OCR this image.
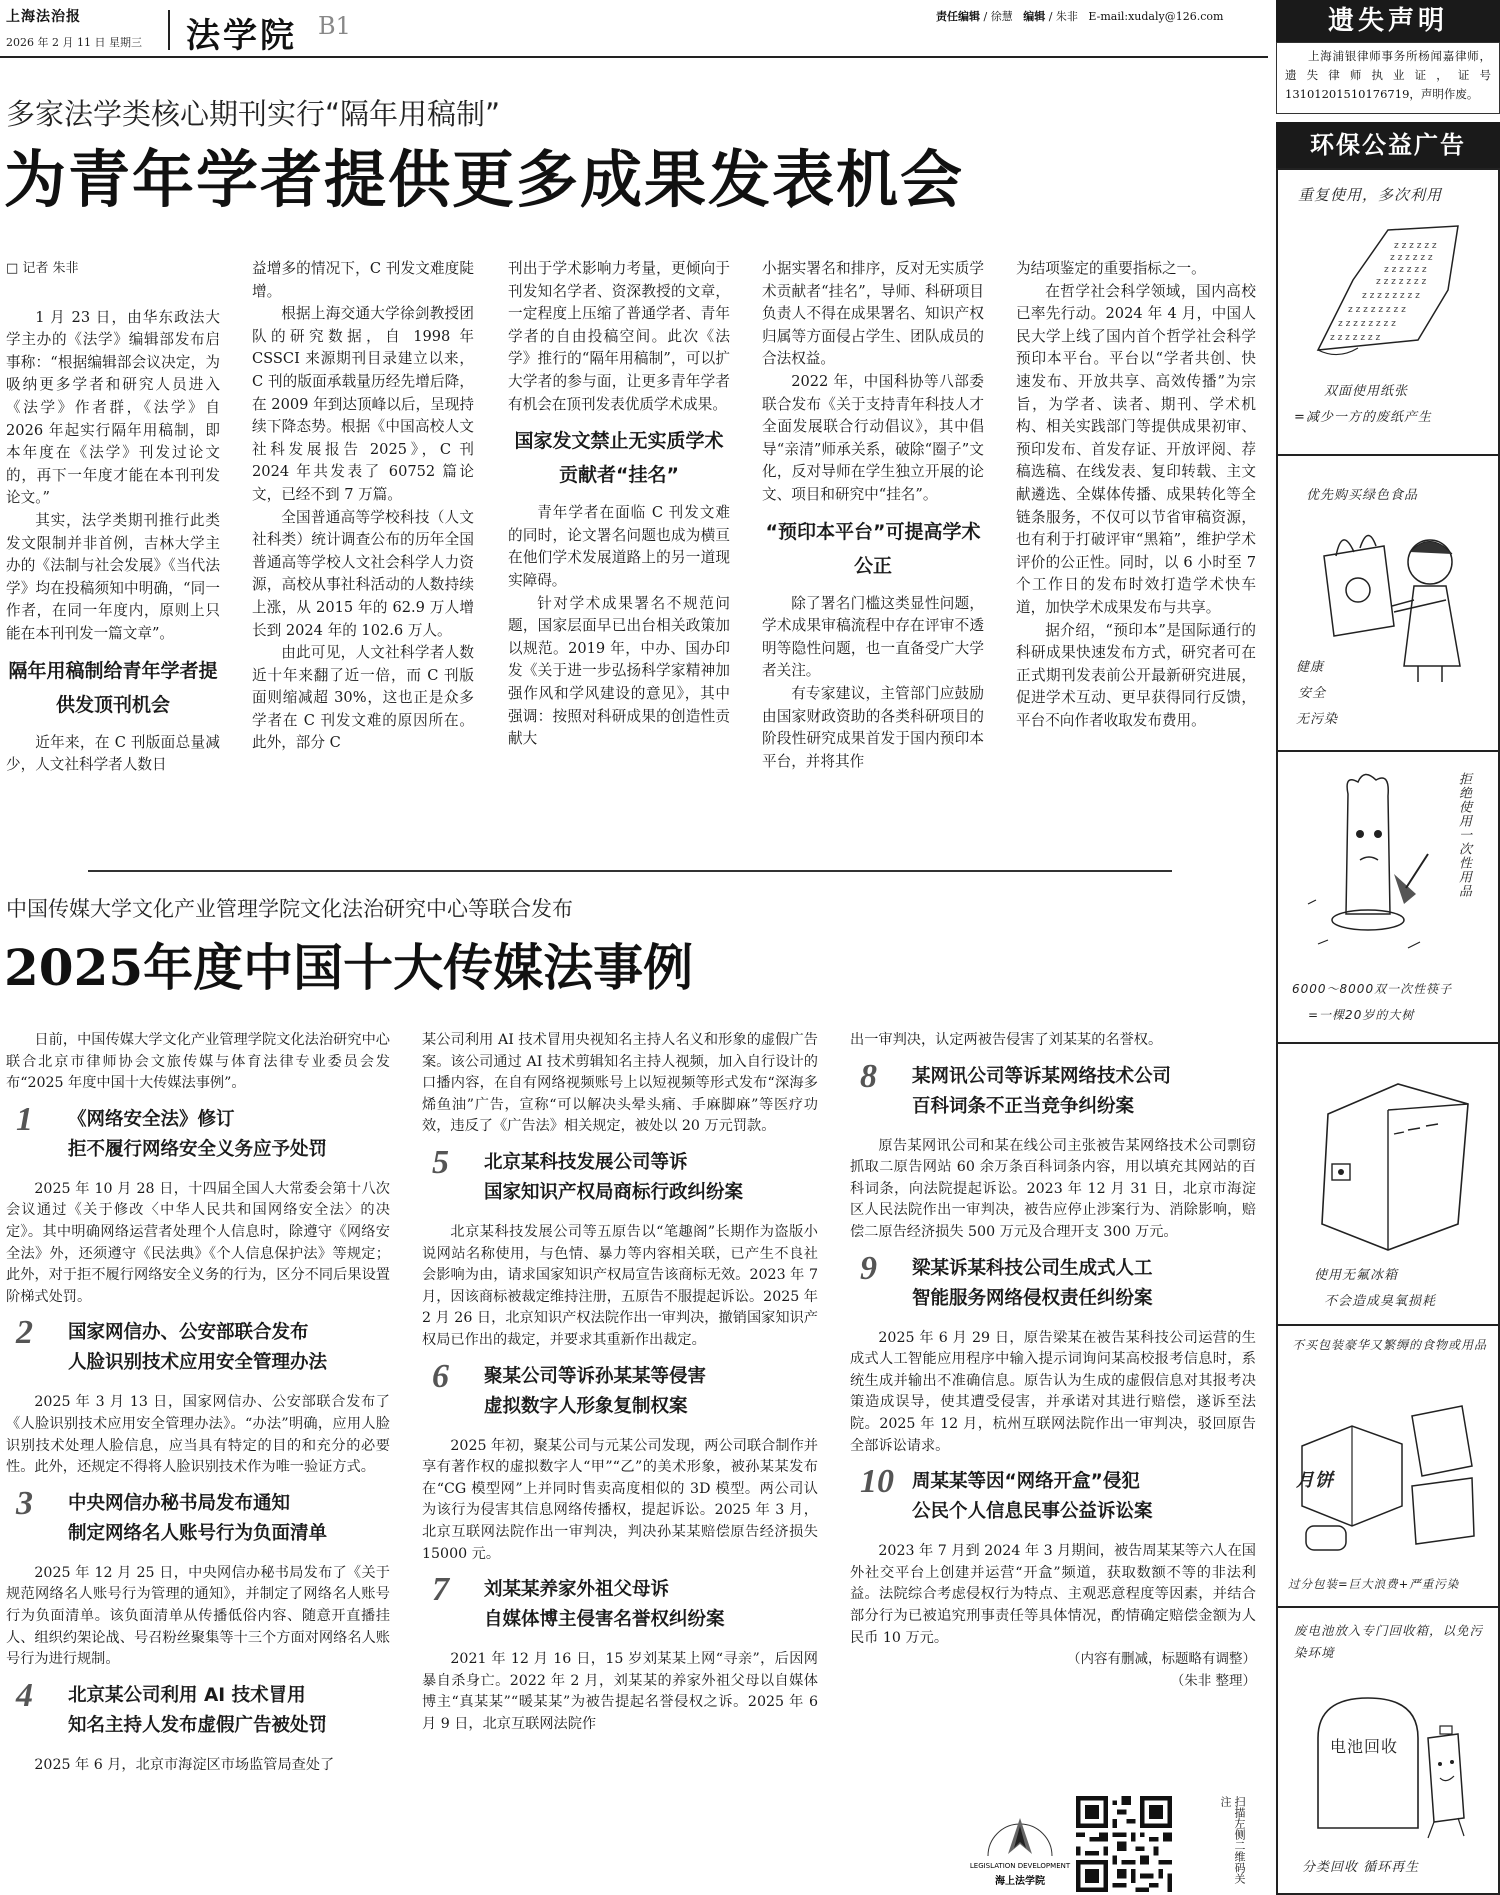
上海法治报
2026 年 2 月 11 日 星期三 法学院 B1	责任编辑 / 徐慧 编辑 / 朱非 E-mail:xudaly@126.com
多家法学类核心期刊实行“隔年用稿制”
为青年学者提供更多成果发表机会
□ 记者 朱非

1 月 23 日，由华东政法大学主办的《法学》编辑部发布启事称：“根据编辑部会议决定，为吸纳更多学者和研究人员进入《法学》作者群，《法学》自 2026 年起实行隔年用稿制，即本年度在《法学》刊发过论文的，再下一年度才能在本刊刊发论文。”

其实，法学类期刊推行此类发文限制并非首例，吉林大学主办的《法制与社会发展》《当代法学》均在投稿须知中明确，“同一作者，在同一年度内，原则上只能在本刊刊发一篇文章”。

隔年用稿制给青年学者提供发顶刊机会

近年来，在 C 刊版面总量减少，人文社科学者人数日

益增多的情况下，C 刊发文难度陡增。

根据上海交通大学徐剑教授团队的研究数据，自 1998 年 CSSCI 来源期刊目录建立以来，C 刊的版面承载量历经先增后降，在 2009 年到达顶峰以后，呈现持续下降态势。根据《中国高校人文社科发展报告 2025》，C 刊 2024 年共发表了 60752 篇论文，已经不到 7 万篇。

全国普通高等学校科技（人文社科类）统计调查公布的历年全国普通高等学校人文社会科学人力资源，高校从事社科活动的人数持续上涨，从 2015 年的 62.9 万人增长到 2024 年的 102.6 万人。

由此可见，人文社科学者人数近十年来翻了近一倍，而 C 刊版面则缩减超 30%，这也正是众多学者在 C 刊发文难的原因所在。此外，部分 C

刊出于学术影响力考量，更倾向于刊发知名学者、资深教授的文章，一定程度上压缩了普通学者、青年学者的自由投稿空间。此次《法学》推行的“隔年用稿制”，可以扩大学者的参与面，让更多青年学者有机会在顶刊发表优质学术成果。

国家发文禁止无实质学术贡献者“挂名”

青年学者在面临 C 刊发文难的同时，论文署名问题也成为横亘在他们学术发展道路上的另一道现实障碍。

针对学术成果署名不规范问题，国家层面早已出台相关政策加以规范。2019 年，中办、国办印发《关于进一步弘扬科学家精神加强作风和学风建设的意见》，其中强调：按照对科研成果的创造性贡献大

小据实署名和排序，反对无实质学术贡献者“挂名”，导师、科研项目负责人不得在成果署名、知识产权归属等方面侵占学生、团队成员的合法权益。

2022 年，中国科协等八部委联合发布《关于支持青年科技人才全面发展联合行动倡议》，其中倡导“亲清”师承关系，破除“圈子”文化，反对导师在学生独立开展的论文、项目和研究中“挂名”。

“预印本平台”可提高学术公正

除了署名门槛这类显性问题，学术成果审稿流程中存在评审不透明等隐性问题，也一直备受广大学者关注。

有专家建议，主管部门应鼓励由国家财政资助的各类科研项目的阶段性研究成果首发于国内预印本平台，并将其作

为结项鉴定的重要指标之一。

在哲学社会科学领域，国内高校已率先行动。2024 年 4 月，中国人民大学上线了国内首个哲学社会科学预印本平台。平台以“学者共创、快速发布、开放共享、高效传播”为宗旨，为学者、读者、期刊、学术机构、相关实践部门等提供成果初审、预印发布、首发存证、开放评阅、荐稿选稿、在线发表、复印转载、主文献遴选、全媒体传播、成果转化等全链条服务，不仅可以节省审稿资源，也有利于打破评审“黑箱”，维护学术评价的公正性。同时，以 6 小时至 7 个工作日的发布时效打造学术快车道，加快学术成果发布与共享。

据介绍，“预印本”是国际通行的科研成果快速发布方式，研究者可在正式期刊发表前公开最新研究进展，促进学术互动、更早获得同行反馈，平台不向作者收取发布费用。

中国传媒大学文化产业管理学院文化法治研究中心等联合发布
2025年度中国十大传媒法事例

日前，中国传媒大学文化产业管理学院文化法治研究中心联合北京市律师协会文旅传媒与体育法律专业委员会发布“2025 年度中国十大传媒法事例”。

1 《网络安全法》修订
拒不履行网络安全义务应予处罚

2025 年 10 月 28 日，十四届全国人大常委会第十八次会议通过《关于修改〈中华人民共和国网络安全法〉的决定》。其中明确网络运营者处理个人信息时，除遵守《网络安全法》外，还须遵守《民法典》《个人信息保护法》等规定；此外，对于拒不履行网络安全义务的行为，区分不同后果设置阶梯式处罚。

2 国家网信办、公安部联合发布
人脸识别技术应用安全管理办法

2025 年 3 月 13 日，国家网信办、公安部联合发布了《人脸识别技术应用安全管理办法》。“办法”明确，应用人脸识别技术处理人脸信息，应当具有特定的目的和充分的必要性。此外，还规定不得将人脸识别技术作为唯一验证方式。

3 中央网信办秘书局发布通知
制定网络名人账号行为负面清单

2025 年 12 月 25 日，中央网信办秘书局发布了《关于规范网络名人账号行为管理的通知》，并制定了网络名人账号行为负面清单。该负面清单从传播低俗内容、随意开直播挂人、组织约架论战、号召粉丝聚集等十三个方面对网络名人账号行为进行规制。

4 北京某公司利用 AI 技术冒用
知名主持人发布虚假广告被处罚

2025 年 6 月，北京市海淀区市场监管局查处了

某公司利用 AI 技术冒用央视知名主持人名义和形象的虚假广告案。该公司通过 AI 技术剪辑知名主持人视频，加入自行设计的口播内容，在自有网络视频账号上以短视频等形式发布“深海多烯鱼油”广告，宣称“可以解决头晕头痛、手麻脚麻”等医疗功效，违反了《广告法》相关规定，被处以 20 万元罚款。

5 北京某科技发展公司等诉
国家知识产权局商标行政纠纷案

北京某科技发展公司等五原告以“笔趣阁”长期作为盗版小说网站名称使用，与色情、暴力等内容相关联，已产生不良社会影响为由，请求国家知识产权局宣告该商标无效。2023 年 7 月，因该商标被裁定维持注册，五原告不服提起诉讼。2025 年 2 月 26 日，北京知识产权法院作出一审判决，撤销国家知识产权局已作出的裁定，并要求其重新作出裁定。

6 聚某公司等诉孙某某等侵害
虚拟数字人形象复制权案

2025 年初，聚某公司与元某公司发现，两公司联合制作并享有著作权的虚拟数字人“甲”“乙”的美术形象，被孙某某发布在“CG 模型网”上并同时售卖高度相似的 3D 模型。两公司认为该行为侵害其信息网络传播权，提起诉讼。2025 年 3 月，北京互联网法院作出一审判决，判决孙某某赔偿原告经济损失 15000 元。

7 刘某某养家外祖父母诉
自媒体博主侵害名誉权纠纷案

2021 年 12 月 16 日，15 岁刘某某上网“寻亲”，后因网暴自杀身亡。2022 年 2 月，刘某某的养家外祖父母以自媒体博主“真某某”“暖某某”为被告提起名誉侵权之诉。2025 年 6 月 9 日，北京互联网法院作

出一审判决，认定两被告侵害了刘某某的名誉权。

8 某网讯公司等诉某网络技术公司
百科词条不正当竞争纠纷案

原告某网讯公司和某在线公司主张被告某网络技术公司剽窃抓取二原告网站 60 余万条百科词条内容，用以填充其网站的百科词条，向法院提起诉讼。2023 年 12 月 31 日，北京市海淀区人民法院作出一审判决，被告应停止涉案行为、消除影响，赔偿二原告经济损失 500 万元及合理开支 300 万元。

9 梁某诉某科技公司生成式人工
智能服务网络侵权责任纠纷案

2025 年 6 月 29 日，原告梁某在被告某科技公司运营的生成式人工智能应用程序中输入提示词询问某高校报考信息时，系统生成并输出不准确信息。原告认为生成的虚假信息对其报考决策造成误导，使其遭受侵害，并承诺对其进行赔偿，遂诉至法院。2025 年 12 月，杭州互联网法院作出一审判决，驳回原告全部诉讼请求。

10 周某某等因“网络开盒”侵犯
公民个人信息民事公益诉讼案

2023 年 7 月到 2024 年 3 月期间，被告周某某等六人在国外社交平台上创建并运营“开盒”频道，获取数额不等的非法利益。法院综合考虑侵权行为特点、主观恶意程度等因素，并结合部分行为已被追究刑事责任等具体情况，酌情确定赔偿金额为人民币 10 万元。

（内容有删减，标题略有调整）
（朱非 整理）
LEGISLATION DEVELOPMENT
海上法学院	扫描左侧二维码关注
遗失声明
上海浦银律师事务所杨闻嘉律师，遗失律师执业证，证号13101201510176719，声明作废。
环保公益广告
重复使用，多次利用
z z z z z z
z z z z z z
z z z z z z
z z z z z z z
z z z z z z z z
z z z z z z z z
z z z z z z z z
z z z z z z z
双面使用纸张
=减少一方的废纸产生
优先购买绿色食品
健康
安全
无污染
拒绝使用一次性用品
6000～8000双一次性筷子
=一棵20岁的大树
使用无氟冰箱
不会造成臭氧损耗
不买包装豪华又繁缛的食物或用品
月饼
过分包装=巨大浪费+严重污染
废电池放入专门回收箱，以免污染环境
电池回收
分类回收 循环再生
